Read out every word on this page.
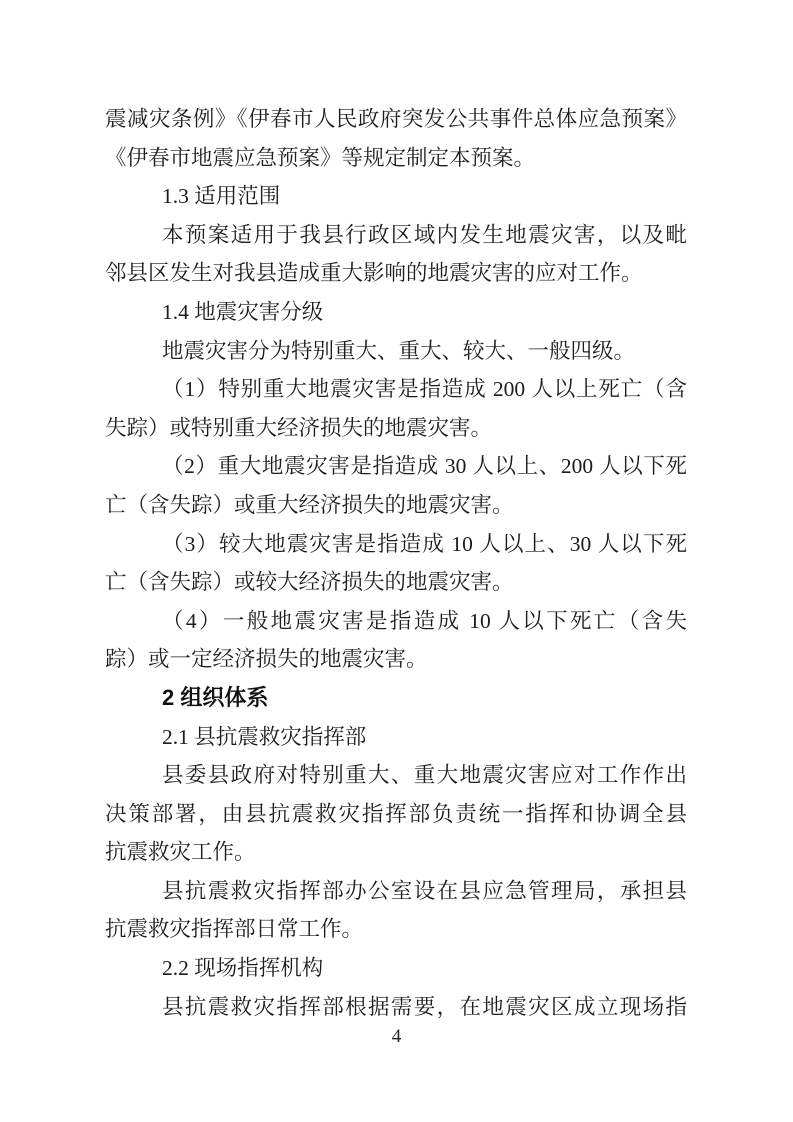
震减灾条例》《伊春市人民政府突发公共事件总体应急预案》
《伊春市地震应急预案》等规定制定本预案。
1.3 适用范围
本预案适用于我县行政区域内发生地震灾害，以及毗
邻县区发生对我县造成重大影响的地震灾害的应对工作。
1.4 地震灾害分级
地震灾害分为特别重大、重大、较大、一般四级。
（1）特别重大地震灾害是指造成 200 人以上死亡（含
失踪）或特别重大经济损失的地震灾害。
（2）重大地震灾害是指造成 30 人以上、200 人以下死
亡（含失踪）或重大经济损失的地震灾害。
（3）较大地震灾害是指造成 10 人以上、30 人以下死
亡（含失踪）或较大经济损失的地震灾害。
（4）一般地震灾害是指造成 10 人以下死亡（含失
踪）或一定经济损失的地震灾害。
2 组织体系
2.1 县抗震救灾指挥部
县委县政府对特别重大、重大地震灾害应对工作作出
决策部署，由县抗震救灾指挥部负责统一指挥和协调全县
抗震救灾工作。
县抗震救灾指挥部办公室设在县应急管理局，承担县
抗震救灾指挥部日常工作。
2.2 现场指挥机构
县抗震救灾指挥部根据需要，在地震灾区成立现场指
4
